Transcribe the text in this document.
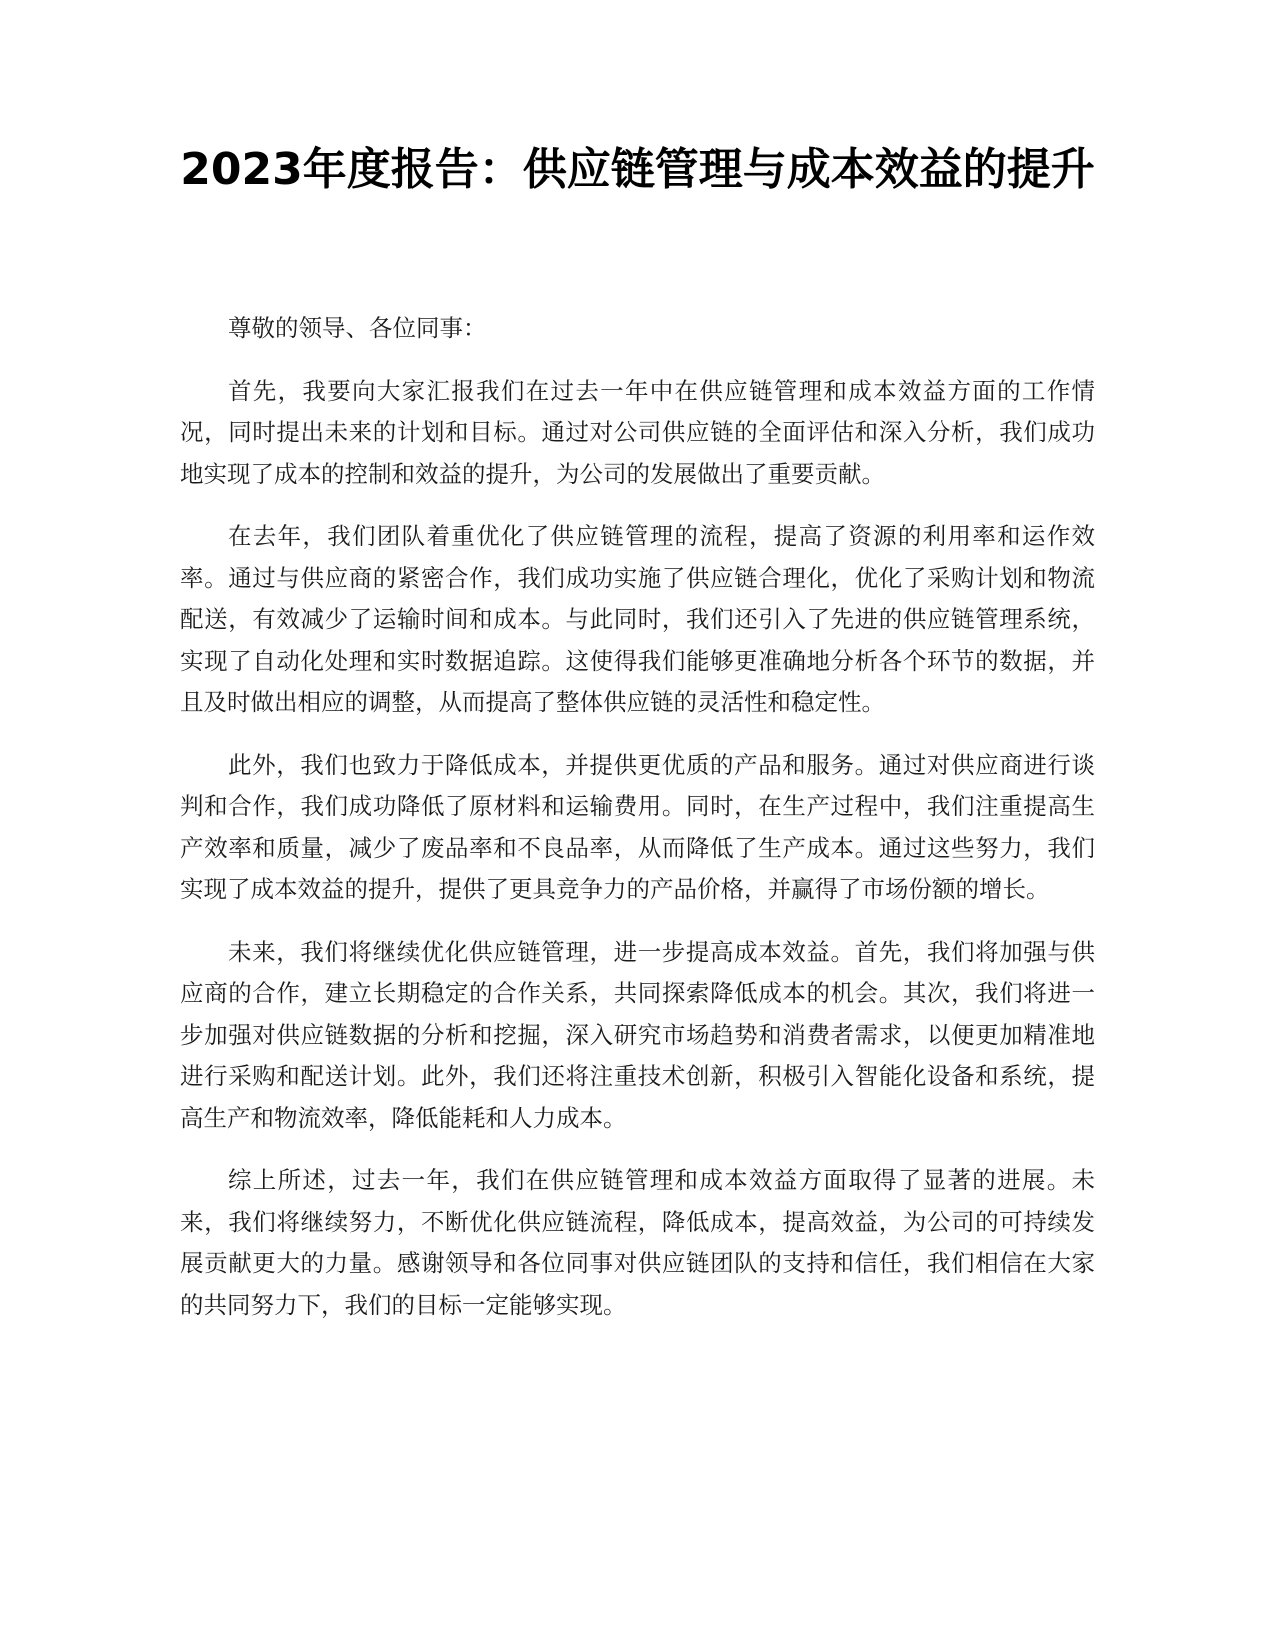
2023年度报告：供应链管理与成本效益的提升

尊敬的领导、各位同事：

首先，我要向大家汇报我们在过去一年中在供应链管理和成本效益方面的工作情况，同时提出未来的计划和目标。通过对公司供应链的全面评估和深入分析，我们成功地实现了成本的控制和效益的提升，为公司的发展做出了重要贡献。

在去年，我们团队着重优化了供应链管理的流程，提高了资源的利用率和运作效率。通过与供应商的紧密合作，我们成功实施了供应链合理化，优化了采购计划和物流配送，有效减少了运输时间和成本。与此同时，我们还引入了先进的供应链管理系统，实现了自动化处理和实时数据追踪。这使得我们能够更准确地分析各个环节的数据，并且及时做出相应的调整，从而提高了整体供应链的灵活性和稳定性。

此外，我们也致力于降低成本，并提供更优质的产品和服务。通过对供应商进行谈判和合作，我们成功降低了原材料和运输费用。同时，在生产过程中，我们注重提高生产效率和质量，减少了废品率和不良品率，从而降低了生产成本。通过这些努力，我们实现了成本效益的提升，提供了更具竞争力的产品价格，并赢得了市场份额的增长。

未来，我们将继续优化供应链管理，进一步提高成本效益。首先，我们将加强与供应商的合作，建立长期稳定的合作关系，共同探索降低成本的机会。其次，我们将进一步加强对供应链数据的分析和挖掘，深入研究市场趋势和消费者需求，以便更加精准地进行采购和配送计划。此外，我们还将注重技术创新，积极引入智能化设备和系统，提高生产和物流效率，降低能耗和人力成本。

综上所述，过去一年，我们在供应链管理和成本效益方面取得了显著的进展。未来，我们将继续努力，不断优化供应链流程，降低成本，提高效益，为公司的可持续发展贡献更大的力量。感谢领导和各位同事对供应链团队的支持和信任，我们相信在大家的共同努力下，我们的目标一定能够实现。
